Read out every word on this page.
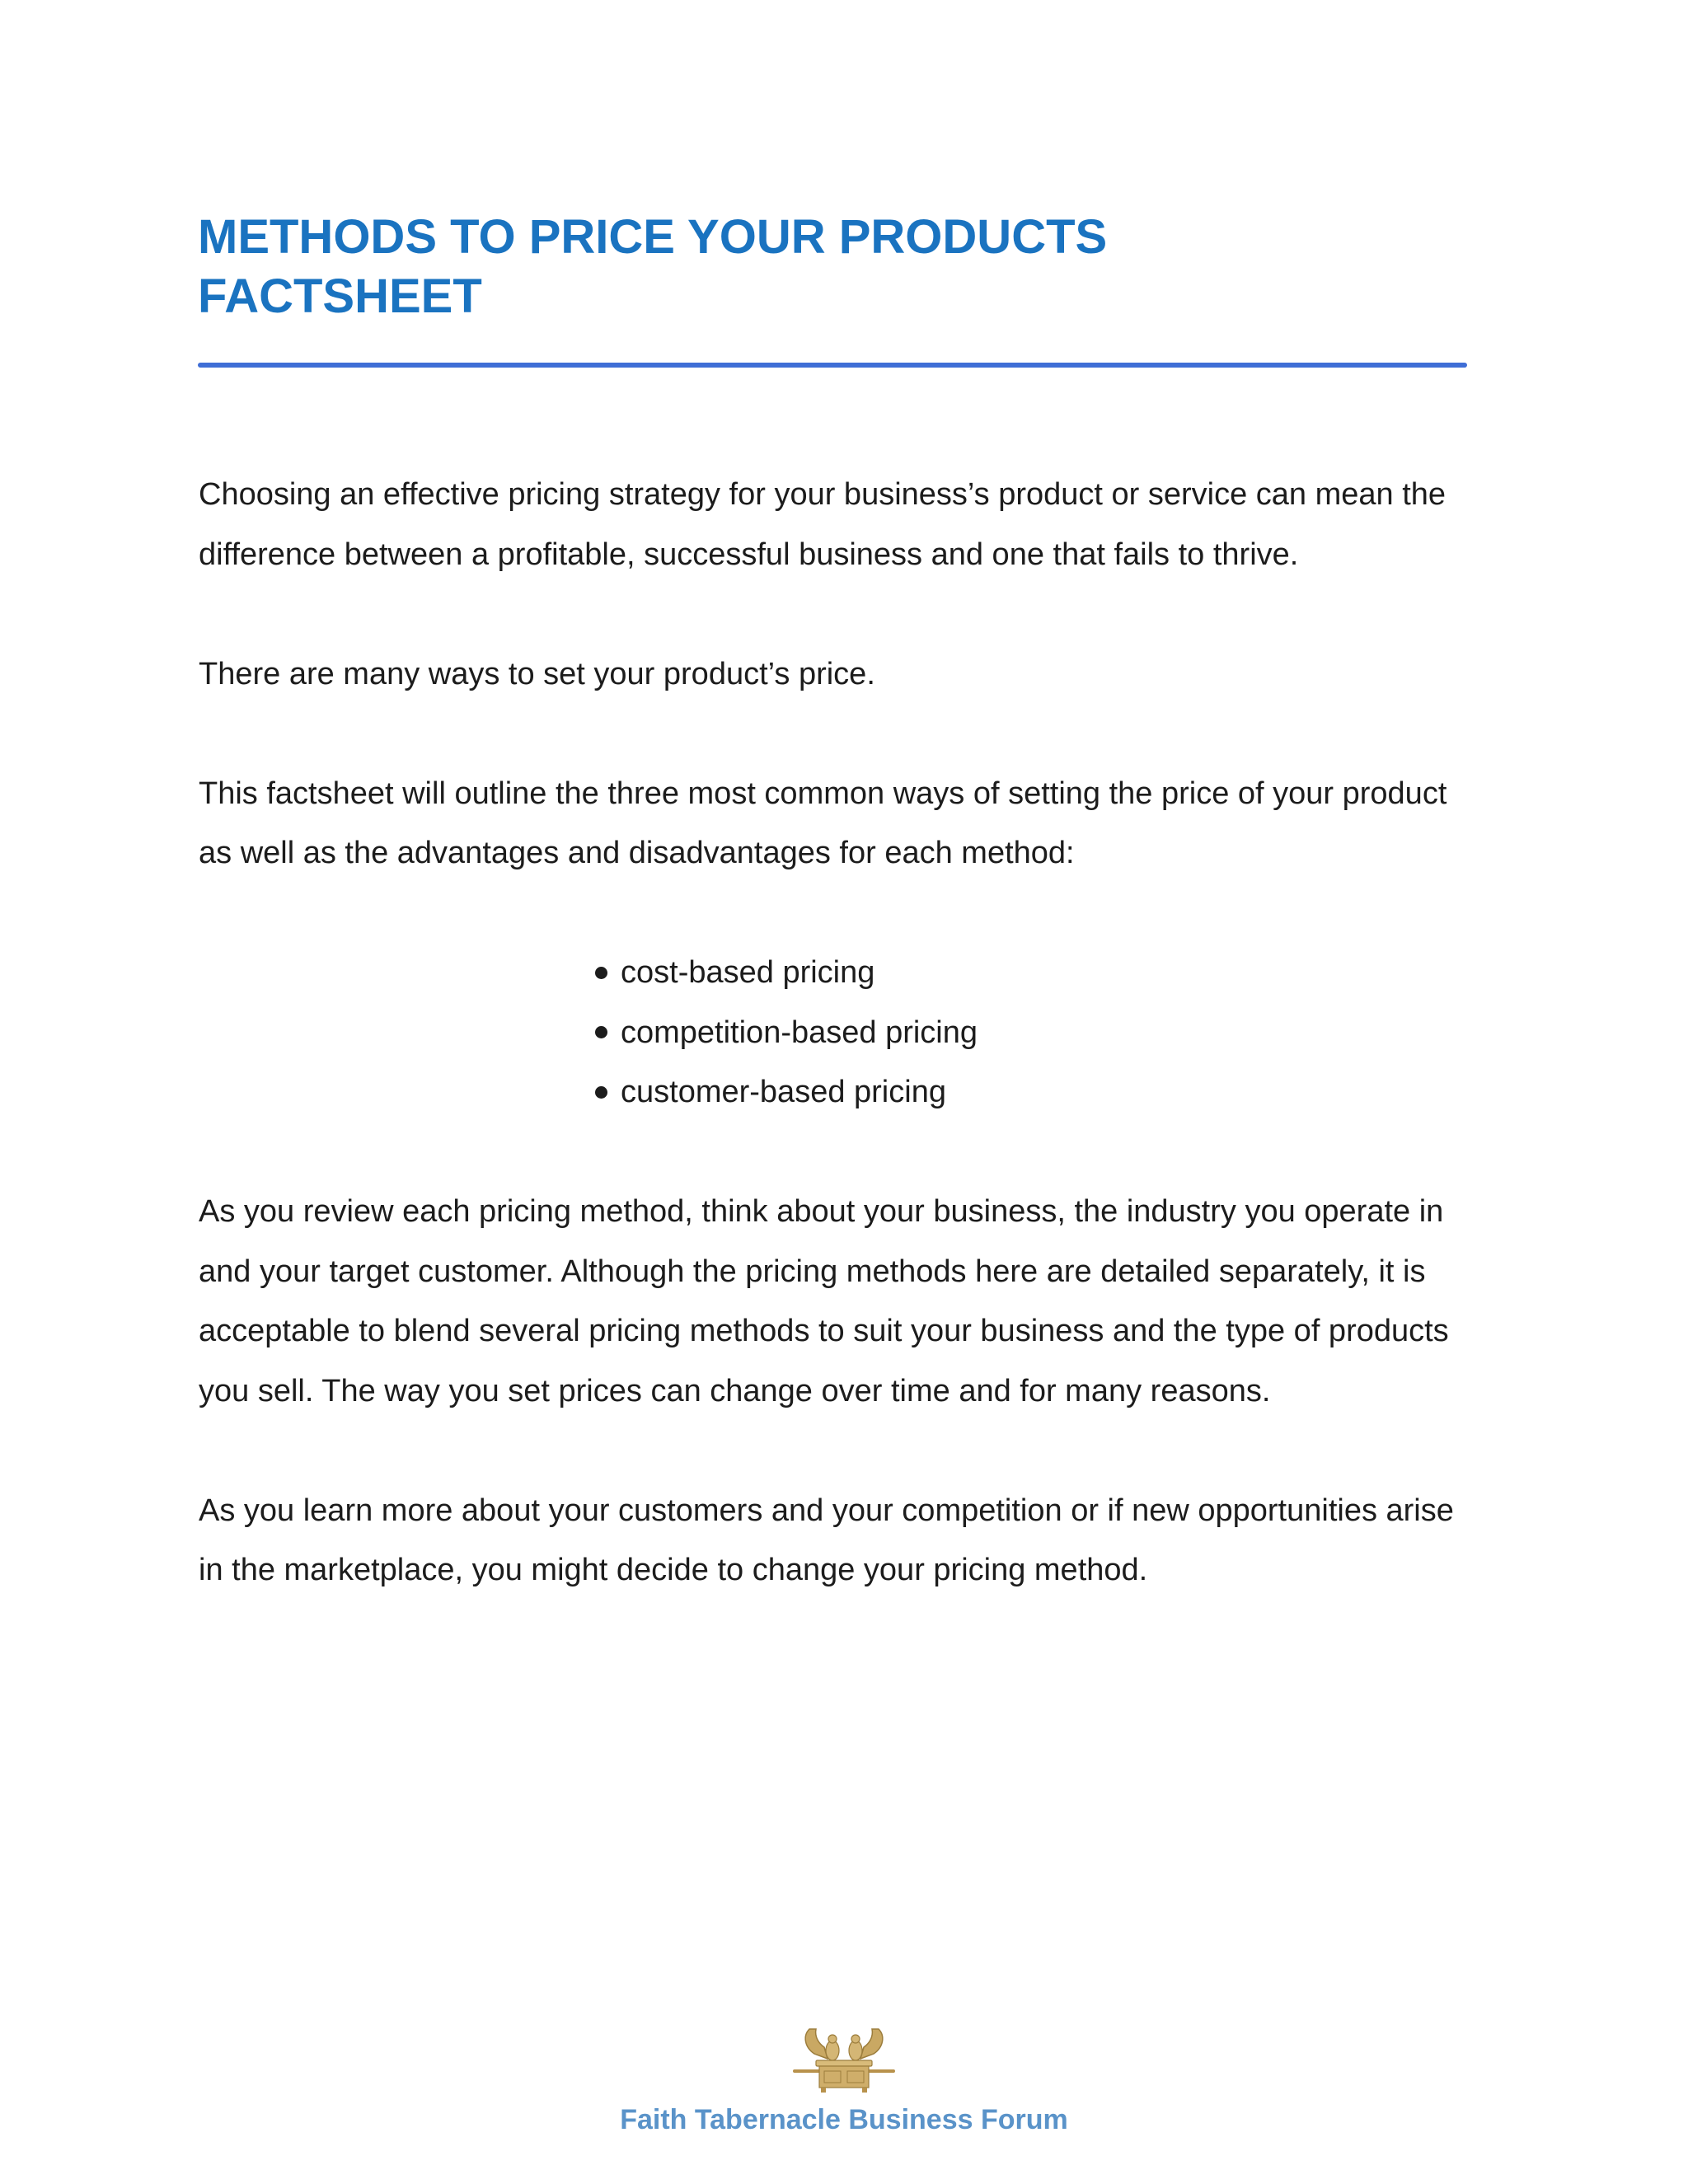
METHODS TO PRICE YOUR PRODUCTS
FACTSHEET

Choosing an effective pricing strategy for your business’s product or service can mean the difference between a profitable, successful business and one that fails to thrive.

There are many ways to set your product’s price.

This factsheet will outline the three most common ways of setting the price of your product as well as the advantages and disadvantages for each method:

cost-based pricing
competition-based pricing
customer-based pricing

As you review each pricing method, think about your business, the industry you operate in and your target customer. Although the pricing methods here are detailed separately, it is acceptable to blend several pricing methods to suit your business and the type of products you sell. The way you set prices can change over time and for many reasons.

As you learn more about your customers and your competition or if new opportunities arise in the marketplace, you might decide to change your pricing method.

Faith Tabernacle Business Forum
